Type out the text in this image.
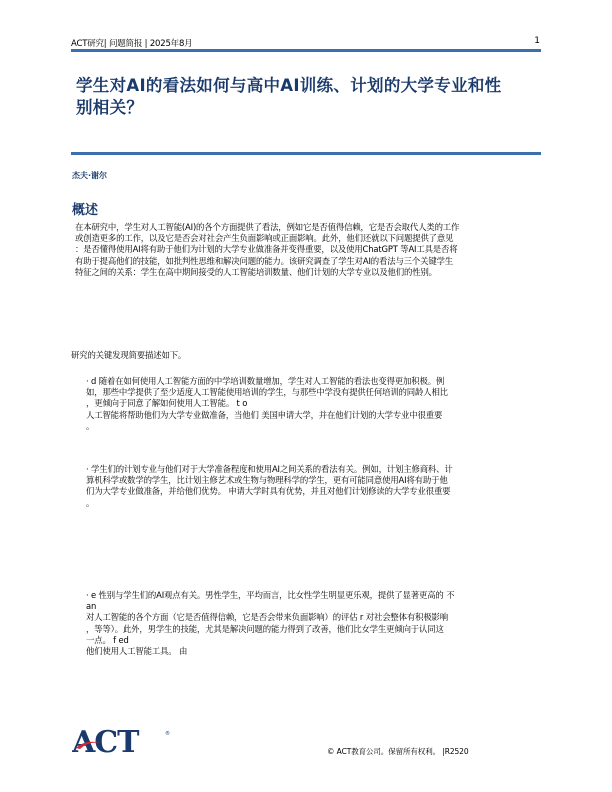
ACT研究| 问题简报 | 2025年8月	1
学生对AI的看法如何与高中AI训练、计划的大学专业和性
别相关？
杰夫·谢尔
概述
在本研究中，学生对人工智能(AI)的各个方面提供了看法，例如它是否值得信赖，它是否会取代人类的工作
或创造更多的工作，以及它是否会对社会产生负面影响或正面影响。此外，他们还就以下问题提供了意见
：是否懂得使用AI将有助于他们为计划的大学专业做准备并变得重要，以及使用ChatGPT 等AI工具是否将
有助于提高他们的技能，如批判性思维和解决问题的能力。该研究调查了学生对AI的看法与三个关键学生
特征之间的关系：学生在高中期间接受的人工智能培训数量、他们计划的大学专业以及他们的性别。
研究的关键发现简要描述如下。
· d 随着在如何使用人工智能方面的中学培训数量增加，学生对人工智能的看法也变得更加积极。例
如，那些中学提供了至少适度人工智能使用培训的学生，与那些中学没有提供任何培训的同龄人相比
，更倾向于同意了解如何使用人工智能。 t o
人工智能将帮助他们为大学专业做准备，当他们 美国申请大学，并在他们计划的大学专业中很重要
。
· 学生们的计划专业与他们对于大学准备程度和使用AI之间关系的看法有关。例如，计划主修商科、计
算机科学或数学的学生，比计划主修艺术或生物与物理科学的学生，更有可能同意使用AI将有助于他
们为大学专业做准备，并给他们优势。 申请大学时具有优势，并且对他们计划修读的大学专业很重要
。
· e 性别与学生们的AI观点有关。男性学生，平均而言，比女性学生明显更乐观，提供了显著更高的 不
an
对人工智能的各个方面（它是否值得信赖，它是否会带来负面影响）的评估 r 对社会整体有积极影响
，等等）。此外，男学生的技能，尤其是解决问题的能力得到了改善，他们比女学生更倾向于认同这
一点。 f ed
他们使用人工智能工具。 由
ACT	®
© ACT教育公司。保留所有权利。 |R2520
